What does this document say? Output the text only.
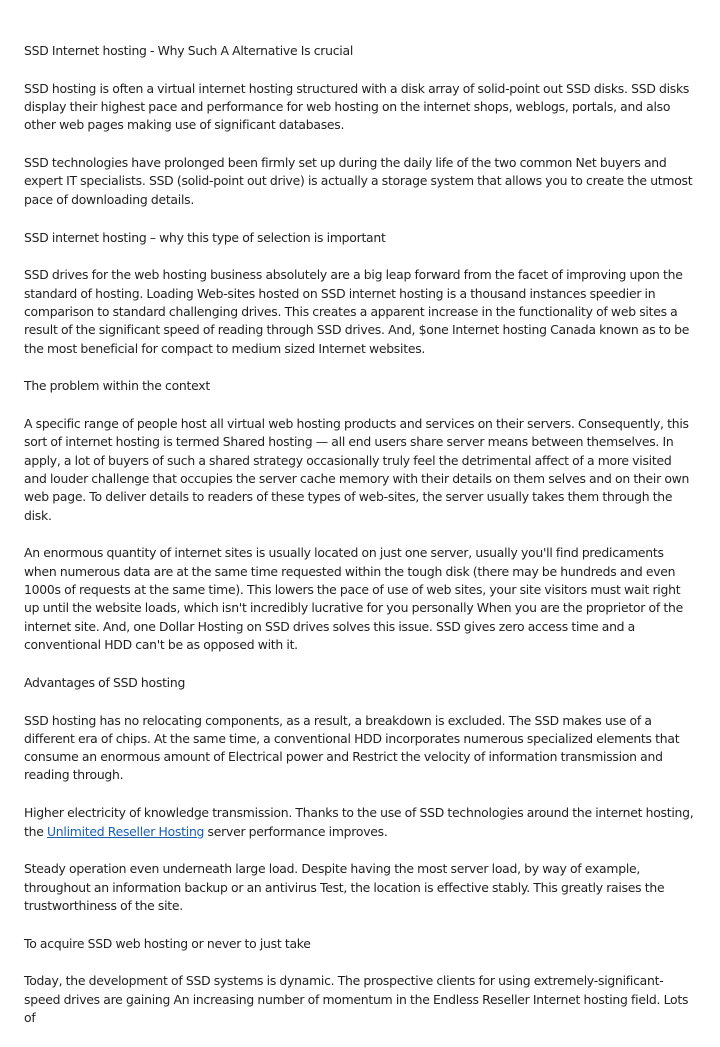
SSD Internet hosting - Why Such A Alternative Is crucial

SSD hosting is often a virtual internet hosting structured with a disk array of solid-point out SSD disks. SSD disks display their highest pace and performance for web hosting on the internet shops, weblogs, portals, and also other web pages making use of significant databases.

SSD technologies have prolonged been firmly set up during the daily life of the two common Net buyers and expert IT specialists. SSD (solid-point out drive) is actually a storage system that allows you to create the utmost pace of downloading details.

SSD internet hosting – why this type of selection is important

SSD drives for the web hosting business absolutely are a big leap forward from the facet of improving upon the standard of hosting. Loading Web-sites hosted on SSD internet hosting is a thousand instances speedier in comparison to standard challenging drives. This creates a apparent increase in the functionality of web sites a result of the significant speed of reading through SSD drives. And, $one Internet hosting Canada known as to be the most beneficial for compact to medium sized Internet websites.

The problem within the context

A specific range of people host all virtual web hosting products and services on their servers. Consequently, this sort of internet hosting is termed Shared hosting — all end users share server means between themselves. In apply, a lot of buyers of such a shared strategy occasionally truly feel the detrimental affect of a more visited and louder challenge that occupies the server cache memory with their details on them selves and on their own web page. To deliver details to readers of these types of web-sites, the server usually takes them through the disk.

An enormous quantity of internet sites is usually located on just one server, usually you'll find predicaments when numerous data are at the same time requested within the tough disk (there may be hundreds and even 1000s of requests at the same time). This lowers the pace of use of web sites, your site visitors must wait right up until the website loads, which isn't incredibly lucrative for you personally When you are the proprietor of the internet site. And, one Dollar Hosting on SSD drives solves this issue. SSD gives zero access time and a conventional HDD can't be as opposed with it.

Advantages of SSD hosting

SSD hosting has no relocating components, as a result, a breakdown is excluded. The SSD makes use of a different era of chips. At the same time, a conventional HDD incorporates numerous specialized elements that consume an enormous amount of Electrical power and Restrict the velocity of information transmission and reading through.

Higher electricity of knowledge transmission. Thanks to the use of SSD technologies around the internet hosting, the Unlimited Reseller Hosting server performance improves.

Steady operation even underneath large load. Despite having the most server load, by way of example, throughout an information backup or an antivirus Test, the location is effective stably. This greatly raises the trustworthiness of the site.

To acquire SSD web hosting or never to just take

Today, the development of SSD systems is dynamic. The prospective clients for using extremely-significant-speed drives are gaining An increasing number of momentum in the Endless Reseller Internet hosting field. Lots of
